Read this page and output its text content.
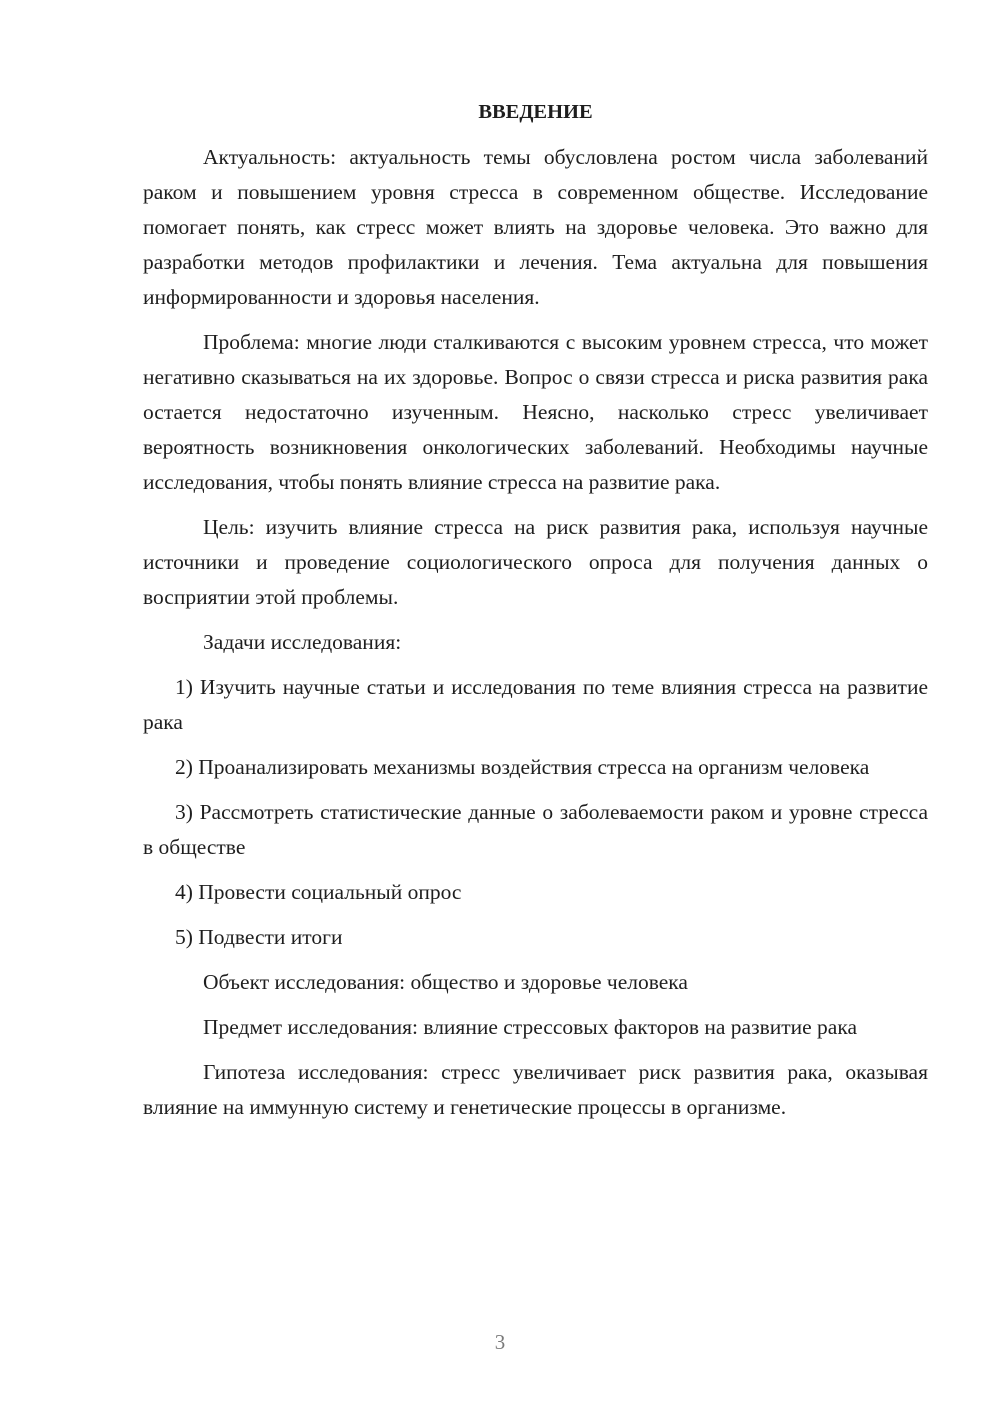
ВВЕДЕНИЕ
Актуальность: актуальность темы обусловлена ростом числа заболеваний раком и повышением уровня стресса в современном обществе. Исследование помогает понять, как стресс может влиять на здоровье человека. Это важно для разработки методов профилактики и лечения. Тема актуальна для повышения информированности и здоровья населения.
Проблема: многие люди сталкиваются с высоким уровнем стресса, что может негативно сказываться на их здоровье. Вопрос о связи стресса и риска развития рака остается недостаточно изученным. Неясно, насколько стресс увеличивает вероятность возникновения онкологических заболеваний. Необходимы научные исследования, чтобы понять влияние стресса на развитие рака.
Цель: изучить влияние стресса на риск развития рака, используя научные источники и проведение социологического опроса для получения данных о восприятии этой проблемы.
Задачи исследования:
1) Изучить научные статьи и исследования по теме влияния стресса на развитие рака
2) Проанализировать механизмы воздействия стресса на организм человека
3) Рассмотреть статистические данные о заболеваемости раком и уровне стресса в обществе
4) Провести социальный опрос
5) Подвести итоги
Объект исследования: общество и здоровье человека
Предмет исследования: влияние стрессовых факторов на развитие рака
Гипотеза исследования: стресс увеличивает риск развития рака, оказывая влияние на иммунную систему и генетические процессы в организме.
3
